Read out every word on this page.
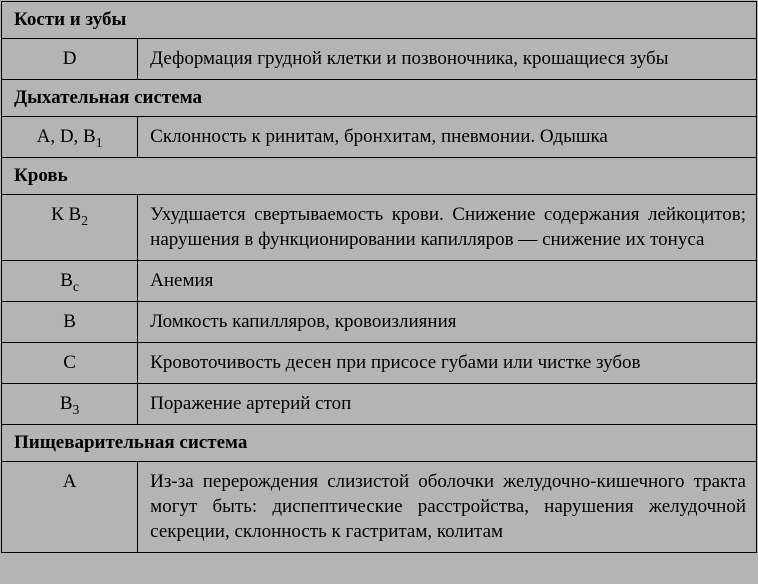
Кости и зубы	
D	Деформация грудной клетки и позвоночника, крошащиеся зубы
Дыхательная система	
A, D, $B_1$	Склонность к ринитам, бронхитам, пневмонии. Одышка
Кровь	
К $В_2$	Ухудшается свертываемость крови. Снижение содержания лейкоцитов; нарушения в функционировании капилляров — снижение их тонуса
$В_с$	Анемия
В	Ломкость капилляров, кровоизлияния
С	Кровоточивость десен при присосе губами или чистке зубов
$В_3$	Поражение артерий стоп
Пищеварительная система	
А	Из-за перерождения слизистой оболочки желудочно-кишечного тракта могут быть: диспептические расстройства, нарушения желудочной секреции, склонность к гастритам, колитам
